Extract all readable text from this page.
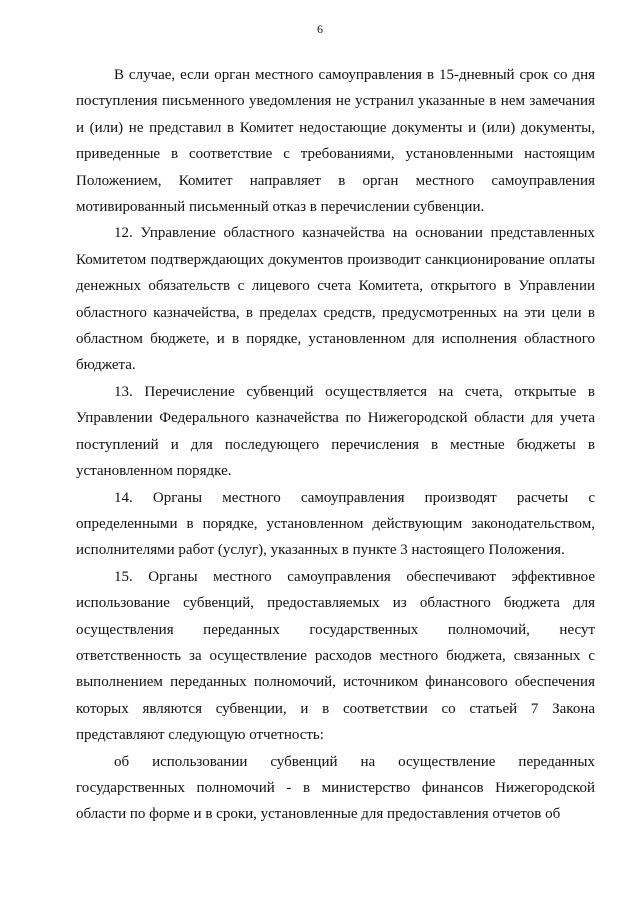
6

В случае, если орган местного самоуправления в 15-дневный срок со дня поступления письменного уведомления не устранил указанные в нем замечания и (или) не представил в Комитет недостающие документы и (или) документы, приведенные в соответствие с требованиями, установленными настоящим Положением, Комитет направляет в орган местного самоуправления мотивированный письменный отказ в перечислении субвенции.

12. Управление областного казначейства на основании представленных Комитетом подтверждающих документов производит санкционирование оплаты денежных обязательств с лицевого счета Комитета, открытого в Управлении областного казначейства, в пределах средств, предусмотренных на эти цели в областном бюджете, и в порядке, установленном для исполнения областного бюджета.

13. Перечисление субвенций осуществляется на счета, открытые в Управлении Федерального казначейства по Нижегородской области для учета поступлений и для последующего перечисления в местные бюджеты в установленном порядке.

14. Органы местного самоуправления производят расчеты с определенными в порядке, установленном действующим законодательством, исполнителями работ (услуг), указанных в пункте 3 настоящего Положения.

15. Органы местного самоуправления обеспечивают эффективное использование субвенций, предоставляемых из областного бюджета для осуществления переданных государственных полномочий, несут ответственность за осуществление расходов местного бюджета, связанных с выполнением переданных полномочий, источником финансового обеспечения которых являются субвенции, и в соответствии со статьей 7 Закона представляют следующую отчетность:

об использовании субвенций на осуществление переданных государственных полномочий - в министерство финансов Нижегородской области по форме и в сроки, установленные для предоставления отчетов об
